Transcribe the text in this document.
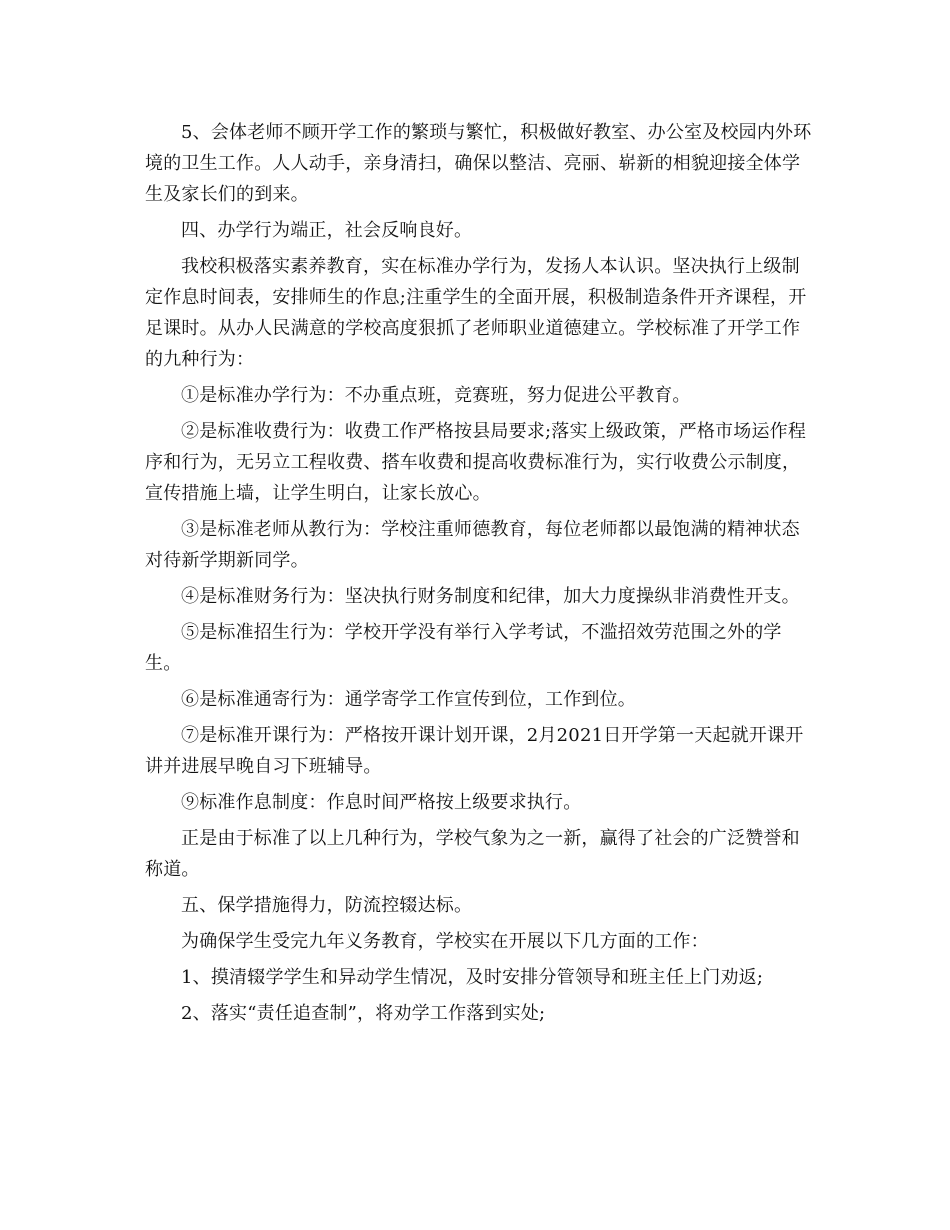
5、会体老师不顾开学工作的繁琐与繁忙，积极做好教室、办公室及校园内外环境的卫生工作。人人动手，亲身清扫，确保以整洁、亮丽、崭新的相貌迎接全体学生及家长们的到来。

四、办学行为端正，社会反响良好。

我校积极落实素养教育，实在标准办学行为，发扬人本认识。坚决执行上级制定作息时间表，安排师生的作息;注重学生的全面开展，积极制造条件开齐课程，开足课时。从办人民满意的学校高度狠抓了老师职业道德建立。学校标准了开学工作的九种行为：

①是标准办学行为：不办重点班，竞赛班，努力促进公平教育。

②是标准收费行为：收费工作严格按县局要求;落实上级政策，严格市场运作程序和行为，无另立工程收费、搭车收费和提高收费标准行为，实行收费公示制度，宣传措施上墙，让学生明白，让家长放心。

③是标准老师从教行为：学校注重师德教育，每位老师都以最饱满的精神状态对待新学期新同学。

④是标准财务行为：坚决执行财务制度和纪律，加大力度操纵非消费性开支。

⑤是标准招生行为：学校开学没有举行入学考试，不滥招效劳范围之外的学生。

⑥是标准通寄行为：通学寄学工作宣传到位，工作到位。

⑦是标准开课行为：严格按开课计划开课，2月2021日开学第一天起就开课开讲并进展早晚自习下班辅导。

⑨标准作息制度：作息时间严格按上级要求执行。

正是由于标准了以上几种行为，学校气象为之一新，赢得了社会的广泛赞誉和称道。

五、保学措施得力，防流控辍达标。

为确保学生受完九年义务教育，学校实在开展以下几方面的工作：

1、摸清辍学学生和异动学生情况，及时安排分管领导和班主任上门劝返;

2、落实“责任追查制”，将劝学工作落到实处;
